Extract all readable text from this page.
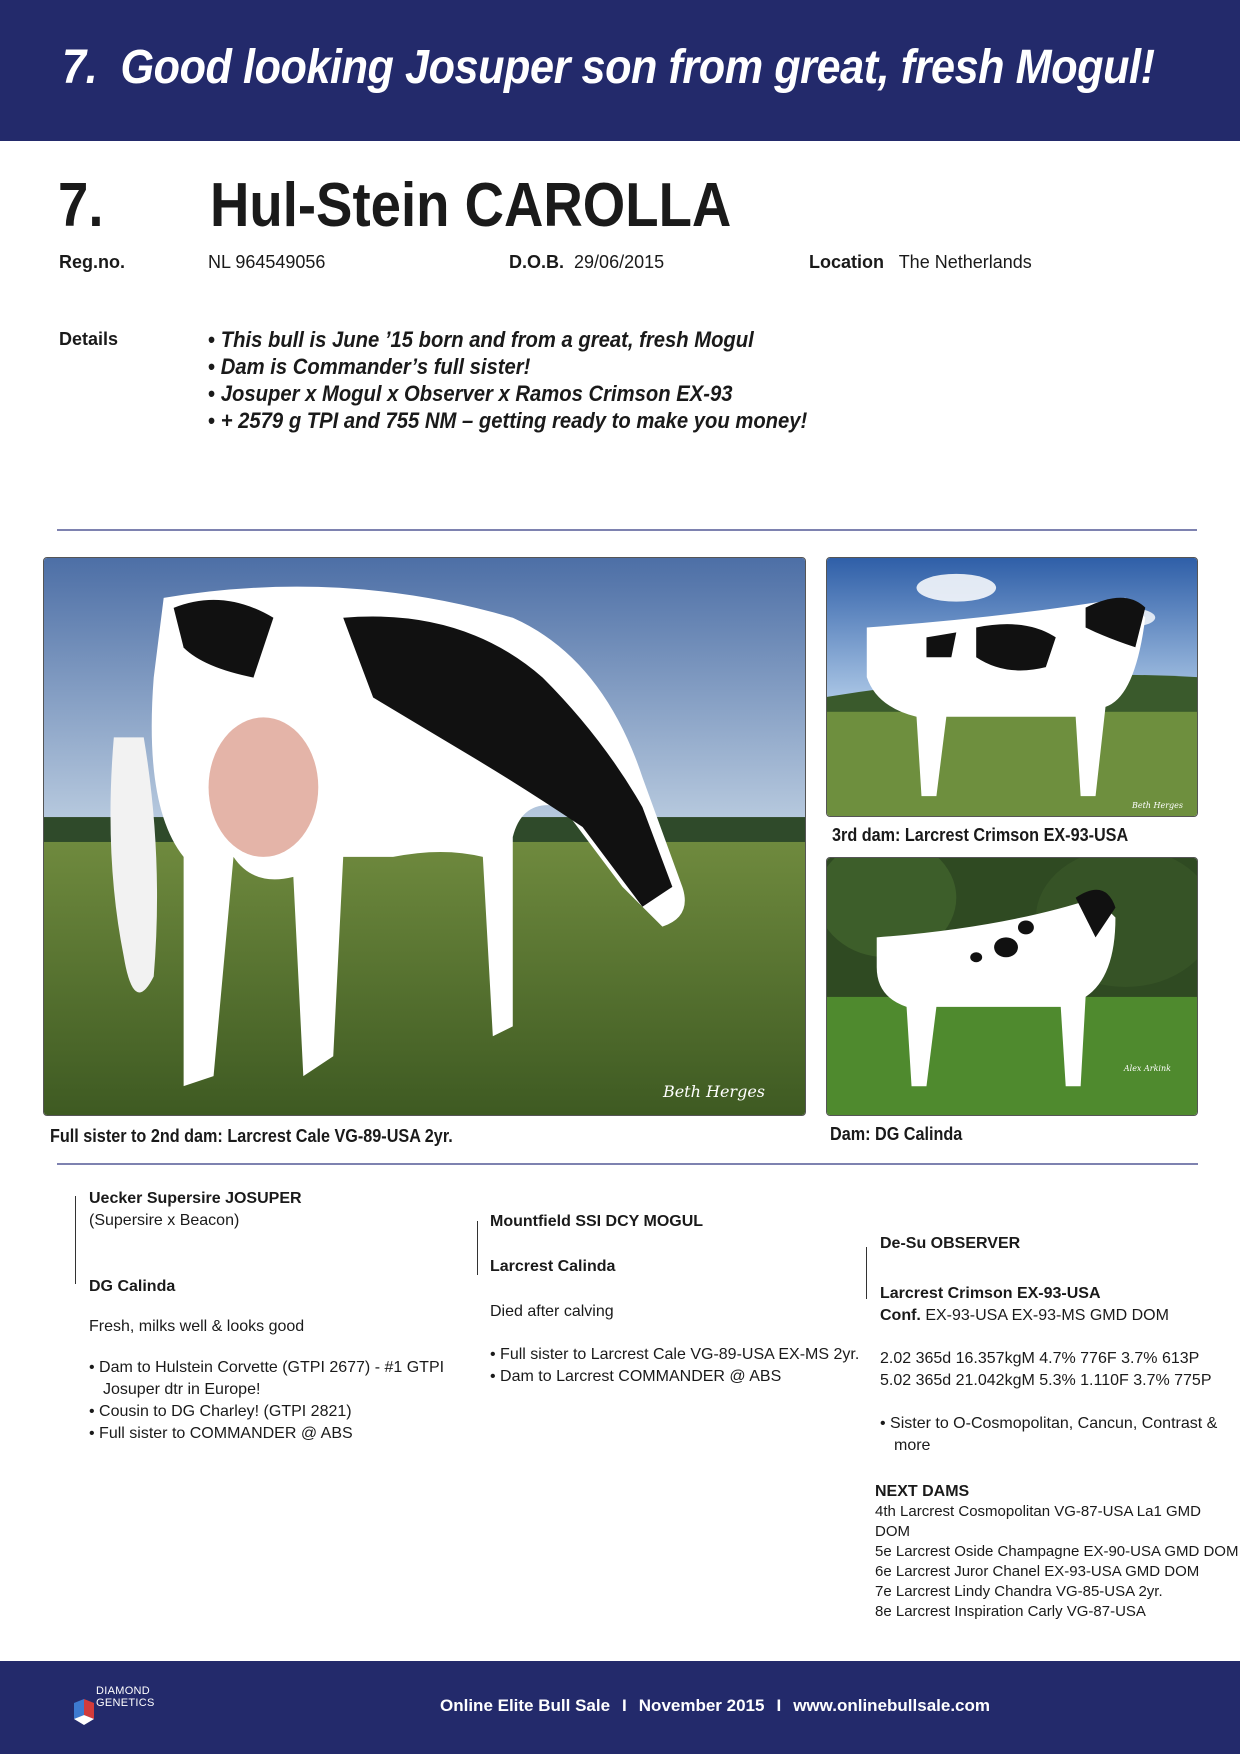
7. Good looking Josuper son from great, fresh Mogul!
7. Hul-Stein CAROLLA
Reg.no.	NL 964549056	D.O.B. 29/06/2015	Location The Netherlands
Details
•	This bull is June ’15 born and from a great, fresh Mogul
• Dam is Commander’s full sister!
• Josuper x Mogul x Observer x Ramos Crimson EX-93
• + 2579 g TPI and 755 NM – getting ready to make you money!
Beth Herges
Full sister to 2nd dam: Larcrest Cale VG-89-USA 2yr.
Beth Herges
3rd dam: Larcrest Crimson EX-93-USA
Alex Arkink
Dam: DG Calinda
Uecker Supersire JOSUPER
(Supersire x Beacon)
DG Calinda
Fresh, milks well & looks good
• Dam to Hulstein Corvette (GTPI 2677) - #1 GTPI Josuper dtr in Europe!
• Cousin to DG Charley! (GTPI 2821)
• Full sister to COMMANDER @ ABS
Mountfield SSI DCY MOGUL
Larcrest Calinda
Died after calving
• Full sister to Larcrest Cale VG-89-USA EX-MS 2yr.
• Dam to Larcrest COMMANDER @ ABS
De-Su OBSERVER
Larcrest Crimson EX-93-USA
Conf. EX-93-USA EX-93-MS GMD DOM
2.02 365d 16.357kgM 4.7% 776F 3.7% 613P
5.02 365d 21.042kgM 5.3% 1.110F 3.7% 775P
• Sister to O-Cosmopolitan, Cancun, Contrast & more
NEXT DAMS
4th Larcrest Cosmopolitan VG-87-USA La1 GMD DOM
5e Larcrest Oside Champagne EX-90-USA GMD DOM
6e Larcrest Juror Chanel EX-93-USA GMD DOM
7e Larcrest Lindy Chandra VG-85-USA 2yr.
8e Larcrest Inspiration Carly VG-87-USA
DIAMOND
GENETICS	Online Elite Bull Sale I November 2015 I www.onlinebullsale.com
